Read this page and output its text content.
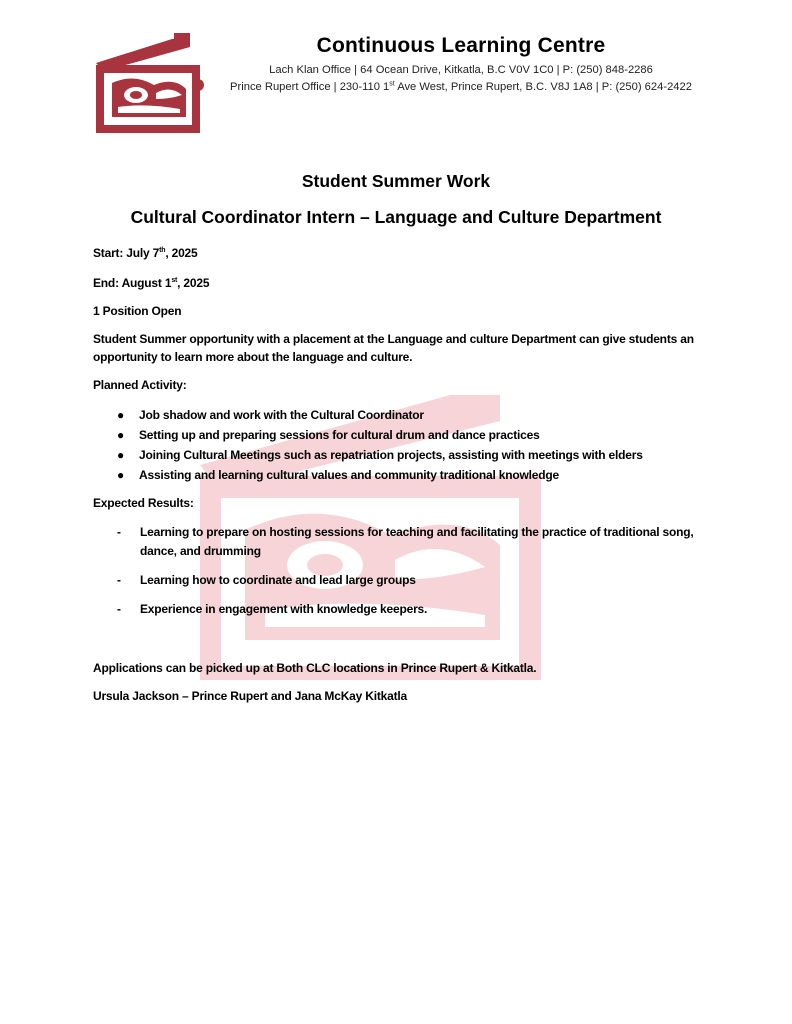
Continuous Learning Centre
Lach Klan Office | 64 Ocean Drive, Kitkatla, B.C V0V 1C0 | P: (250) 848-2286
Prince Rupert Office | 230-110 1st Ave West, Prince Rupert, B.C. V8J 1A8 | P: (250) 624-2422
Student Summer Work
Cultural Coordinator Intern – Language and Culture Department
Start: July 7th, 2025
End: August 1st, 2025
1 Position Open
Student Summer opportunity with a placement at the Language and culture Department can give students an opportunity to learn more about the language and culture.
Planned Activity:
● Job shadow and work with the Cultural Coordinator
● Setting up and preparing sessions for cultural drum and dance practices
● Joining Cultural Meetings such as repatriation projects, assisting with meetings with elders
● Assisting and learning cultural values and community traditional knowledge
Expected Results:
- Learning to prepare on hosting sessions for teaching and facilitating the practice of traditional song, dance, and drumming
- Learning how to coordinate and lead large groups
- Experience in engagement with knowledge keepers.
Applications can be picked up at Both CLC locations in Prince Rupert & Kitkatla.
Ursula Jackson – Prince Rupert and Jana McKay Kitkatla
